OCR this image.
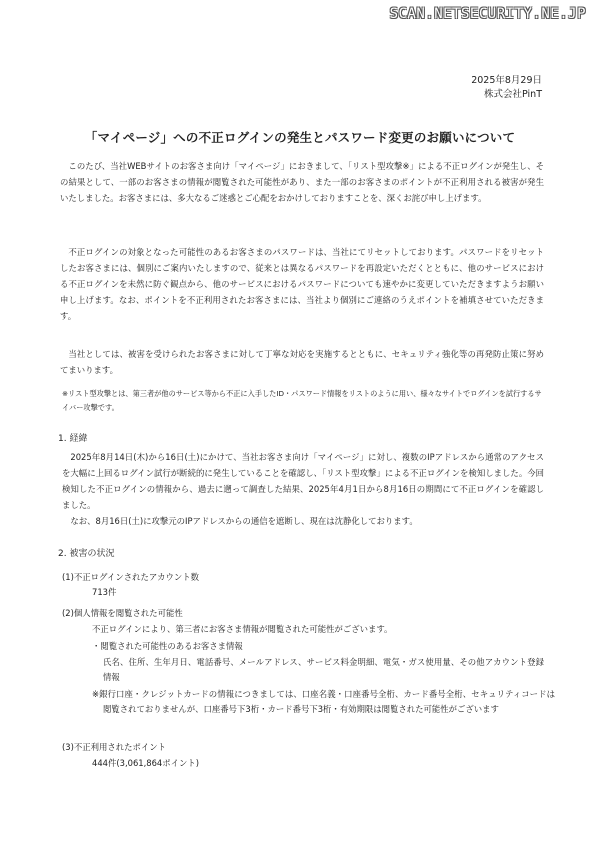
SCAN.NETSECURITY.NE.JP
2025年8月29日
株式会社PinT
「マイページ」への不正ログインの発生とパスワード変更のお願いについて
このたび、当社WEBサイトのお客さま向け「マイページ」におきまして、「リスト型攻撃※」による不正ログインが発生し、その結果として、一部のお客さまの情報が閲覧された可能性があり、また一部のお客さまのポイントが不正利用される被害が発生いたしました。お客さまには、多大なるご迷惑とご心配をおかけしておりますことを、深くお詫び申し上げます。
不正ログインの対象となった可能性のあるお客さまのパスワードは、当社にてリセットしております。パスワードをリセットしたお客さまには、個別にご案内いたしますので、従来とは異なるパスワードを再設定いただくとともに、他のサービスにおける不正ログインを未然に防ぐ観点から、他のサービスにおけるパスワードについても速やかに変更していただきますようお願い申し上げます。なお、ポイントを不正利用されたお客さまには、当社より個別にご連絡のうえポイントを補填させていただきます。
当社としては、被害を受けられたお客さまに対して丁寧な対応を実施するとともに、セキュリティ強化等の再発防止策に努めてまいります。
※リスト型攻撃とは、第三者が他のサービス等から不正に入手したID・パスワード情報をリストのように用い、様々なサイトでログインを試行するサイバー攻撃です。
1. 経緯
2025年8月14日(木)から16日(土)にかけて、当社お客さま向け「マイページ」に対し、複数のIPアドレスから通常のアクセスを大幅に上回るログイン試行が断続的に発生していることを確認し、「リスト型攻撃」による不正ログインを検知しました。今回検知した不正ログインの情報から、過去に遡って調査した結果、2025年4月1日から8月16日の期間にて不正ログインを確認しました。
なお、8月16日(土)に攻撃元のIPアドレスからの通信を遮断し、現在は沈静化しております。
2. 被害の状況
(1)不正ログインされたアカウント数
713件
(2)個人情報を閲覧された可能性
不正ログインにより、第三者にお客さま情報が閲覧された可能性がございます。
・閲覧された可能性のあるお客さま情報
氏名、住所、生年月日、電話番号、メールアドレス、サービス料金明細、電気・ガス使用量、その他アカウント登録情報
※銀行口座・クレジットカードの情報につきましては、口座名義・口座番号全桁、カード番号全桁、セキュリティコードは閲覧されておりませんが、口座番号下3桁・カード番号下3桁・有効期限は閲覧された可能性がございます
(3)不正利用されたポイント
444件(3,061,864ポイント)
